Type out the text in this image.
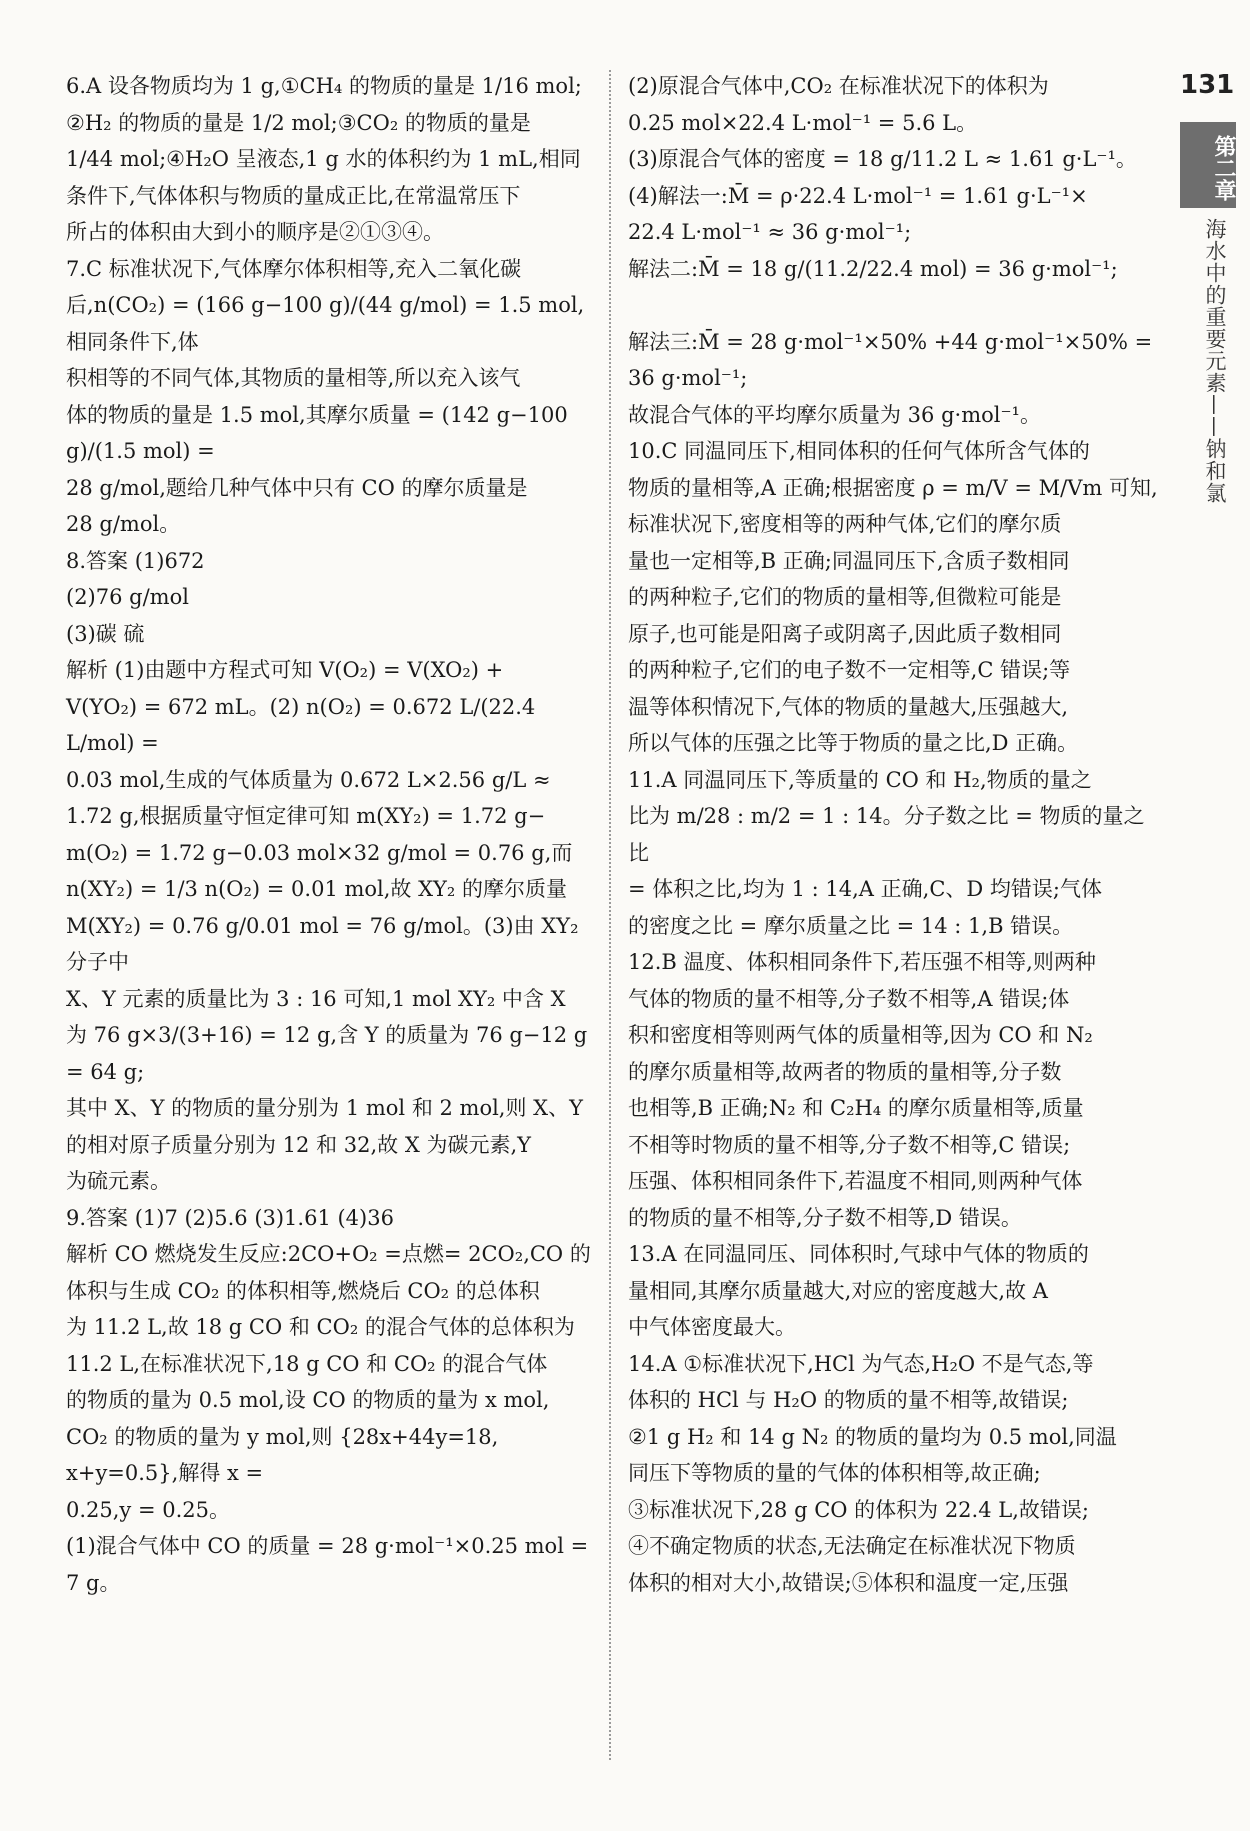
6.A 设各物质均为 1 g,①CH₄ 的物质的量是 1/16 mol;

②H₂ 的物质的量是 1/2 mol;③CO₂ 的物质的量是

1/44 mol;④H₂O 呈液态,1 g 水的体积约为 1 mL,相同

条件下,气体体积与物质的量成正比,在常温常压下

所占的体积由大到小的顺序是②①③④。

7.C 标准状况下,气体摩尔体积相等,充入二氧化碳

后,n(CO₂) = (166 g−100 g)/(44 g/mol) = 1.5 mol,相同条件下,体

积相等的不同气体,其物质的量相等,所以充入该气

体的物质的量是 1.5 mol,其摩尔质量 = (142 g−100 g)/(1.5 mol) =

28 g/mol,题给几种气体中只有 CO 的摩尔质量是

28 g/mol。

8.答案 (1)672

(2)76 g/mol

(3)碳 硫

解析 (1)由题中方程式可知 V(O₂) = V(XO₂) +

V(YO₂) = 672 mL。(2) n(O₂) = 0.672 L/(22.4 L/mol) =

0.03 mol,生成的气体质量为 0.672 L×2.56 g/L ≈

1.72 g,根据质量守恒定律可知 m(XY₂) = 1.72 g−

m(O₂) = 1.72 g−0.03 mol×32 g/mol = 0.76 g,而

n(XY₂) = 1/3 n(O₂) = 0.01 mol,故 XY₂ 的摩尔质量

M(XY₂) = 0.76 g/0.01 mol = 76 g/mol。(3)由 XY₂ 分子中

X、Y 元素的质量比为 3 : 16 可知,1 mol XY₂ 中含 X

为 76 g×3/(3+16) = 12 g,含 Y 的质量为 76 g−12 g = 64 g;

其中 X、Y 的物质的量分别为 1 mol 和 2 mol,则 X、Y

的相对原子质量分别为 12 和 32,故 X 为碳元素,Y

为硫元素。

9.答案 (1)7 (2)5.6 (3)1.61 (4)36

解析 CO 燃烧发生反应:2CO+O₂ =点燃= 2CO₂,CO 的

体积与生成 CO₂ 的体积相等,燃烧后 CO₂ 的总体积

为 11.2 L,故 18 g CO 和 CO₂ 的混合气体的总体积为

11.2 L,在标准状况下,18 g CO 和 CO₂ 的混合气体

的物质的量为 0.5 mol,设 CO 的物质的量为 x mol,

CO₂ 的物质的量为 y mol,则 {28x+44y=18, x+y=0.5},解得 x =

0.25,y = 0.25。

(1)混合气体中 CO 的质量 = 28 g·mol⁻¹×0.25 mol =

7 g。

(2)原混合气体中,CO₂ 在标准状况下的体积为

0.25 mol×22.4 L·mol⁻¹ = 5.6 L。

(3)原混合气体的密度 = 18 g/11.2 L ≈ 1.61 g·L⁻¹。

(4)解法一:M̄ = ρ·22.4 L·mol⁻¹ = 1.61 g·L⁻¹×

22.4 L·mol⁻¹ ≈ 36 g·mol⁻¹;

解法二:M̄ = 18 g/(11.2/22.4 mol) = 36 g·mol⁻¹;

解法三:M̄ = 28 g·mol⁻¹×50% +44 g·mol⁻¹×50% =

36 g·mol⁻¹;

故混合气体的平均摩尔质量为 36 g·mol⁻¹。

10.C 同温同压下,相同体积的任何气体所含气体的

物质的量相等,A 正确;根据密度 ρ = m/V = M/Vm 可知,

标准状况下,密度相等的两种气体,它们的摩尔质

量也一定相等,B 正确;同温同压下,含质子数相同

的两种粒子,它们的物质的量相等,但微粒可能是

原子,也可能是阳离子或阴离子,因此质子数相同

的两种粒子,它们的电子数不一定相等,C 错误;等

温等体积情况下,气体的物质的量越大,压强越大,

所以气体的压强之比等于物质的量之比,D 正确。

11.A 同温同压下,等质量的 CO 和 H₂,物质的量之

比为 m/28 : m/2 = 1 : 14。分子数之比 = 物质的量之比

= 体积之比,均为 1 : 14,A 正确,C、D 均错误;气体

的密度之比 = 摩尔质量之比 = 14 : 1,B 错误。

12.B 温度、体积相同条件下,若压强不相等,则两种

气体的物质的量不相等,分子数不相等,A 错误;体

积和密度相等则两气体的质量相等,因为 CO 和 N₂

的摩尔质量相等,故两者的物质的量相等,分子数

也相等,B 正确;N₂ 和 C₂H₄ 的摩尔质量相等,质量

不相等时物质的量不相等,分子数不相等,C 错误;

压强、体积相同条件下,若温度不相同,则两种气体

的物质的量不相等,分子数不相等,D 错误。

13.A 在同温同压、同体积时,气球中气体的物质的

量相同,其摩尔质量越大,对应的密度越大,故 A

中气体密度最大。

14.A ①标准状况下,HCl 为气态,H₂O 不是气态,等

体积的 HCl 与 H₂O 的物质的量不相等,故错误;

②1 g H₂ 和 14 g N₂ 的物质的量均为 0.5 mol,同温

同压下等物质的量的气体的体积相等,故正确;

③标准状况下,28 g CO 的体积为 22.4 L,故错误;

④不确定物质的状态,无法确定在标准状况下物质

体积的相对大小,故错误;⑤体积和温度一定,压强

131
第二章
海水中的重要元素——钠和氯
